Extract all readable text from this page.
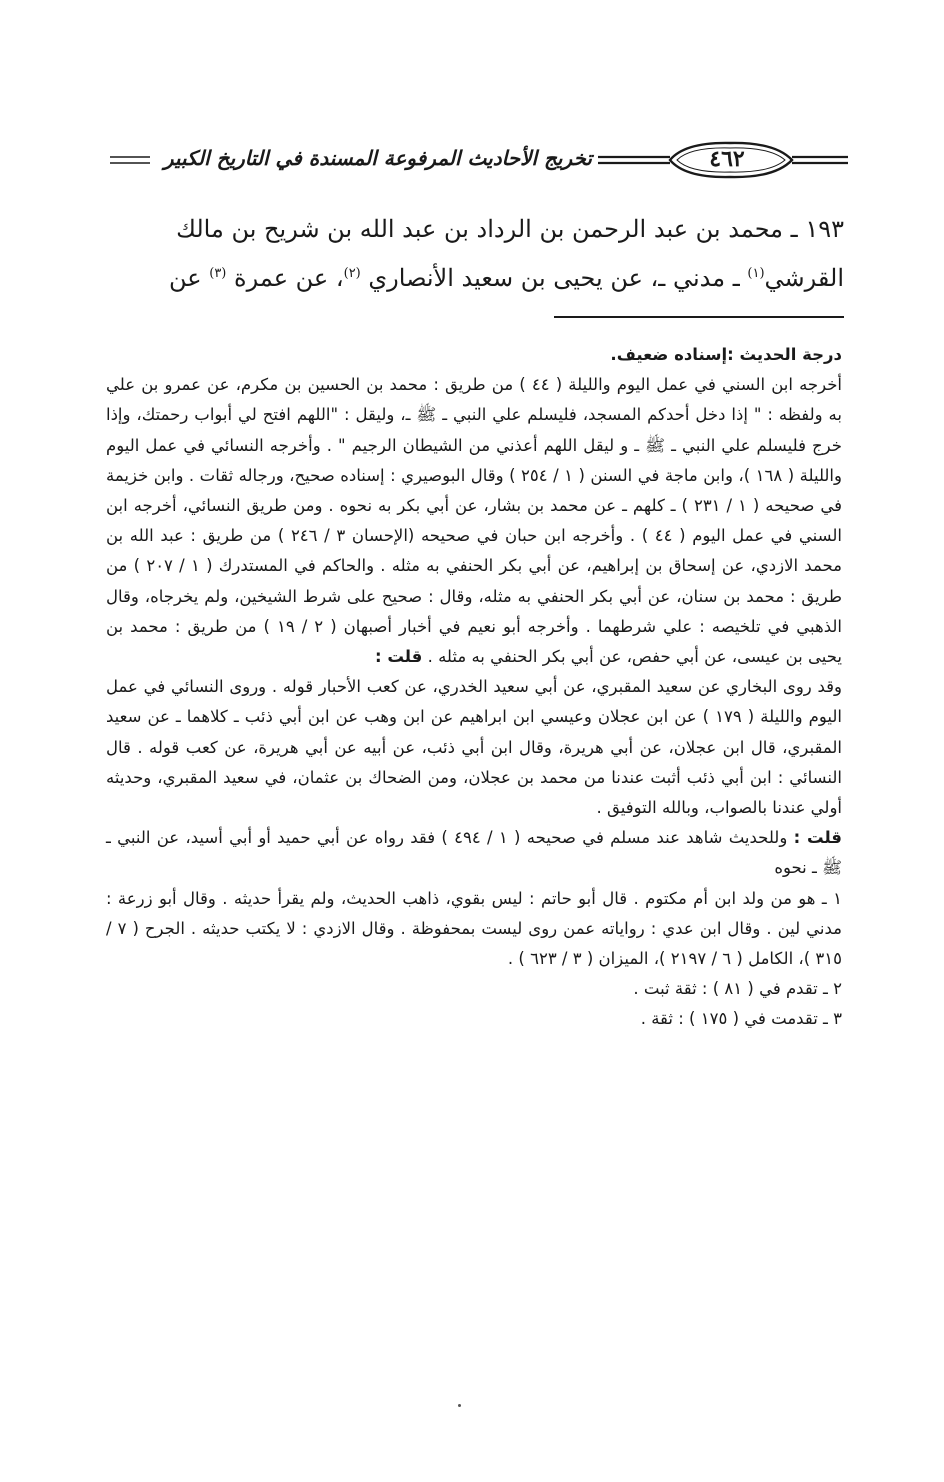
تخريج الأحاديث المرفوعة المسندة في التاريخ الكبير	٤٦٢

١٩٣ ـ محمد بن عبد الرحمن بن الرداد بن عبد الله بن شريح بن مالك

القرشي$^{(١)}$ ـ مدني ـ، عن يحيى بن سعيد الأنصاري $^{(٢)}$، عن عمرة $^{(٣)}$ عن

درجة الحديث :إسناده ضعيف.

أخرجه ابن السني في عمل اليوم والليلة ( ٤٤ ) من طريق : محمد بن الحسين بن مكرم، عن عمرو بن علي به ولفظه : " إذا دخل أحدكم المسجد، فليسلم علي النبي ـ ﷺ ـ، وليقل : "اللهم افتح لي أبواب رحمتك، وإذا خرج فليسلم علي النبي ـ ﷺ ـ و ليقل اللهم أعذني من الشيطان الرجيم " . وأخرجه النسائي في عمل اليوم والليلة ( ١٦٨ )، وابن ماجة في السنن ( ١ / ٢٥٤ ) وقال البوصيري : إسناده صحيح، ورجاله ثقات . وابن خزيمة في صحيحه ( ١ / ٢٣١ ) ـ كلهم ـ عن محمد بن بشار، عن أبي بكر به نحوه . ومن طريق النسائي، أخرجه ابن السني في عمل اليوم ( ٤٤ ) . وأخرجه ابن حبان في صحيحه (الإحسان ٣ / ٢٤٦ ) من طريق : عبد الله بن محمد الازدي، عن إسحاق بن إبراهيم، عن أبي بكر الحنفي به مثله . والحاكم في المستدرك ( ١ / ٢٠٧ ) من طريق : محمد بن سنان، عن أبي بكر الحنفي به مثله، وقال : صحيح على شرط الشيخين، ولم يخرجاه، وقال الذهبي في تلخيصه : علي شرطهما . وأخرجه أبو نعيم في أخبار أصبهان ( ٢ / ١٩ ) من طريق : محمد بن يحيى بن عيسى، عن أبي حفص، عن أبي بكر الحنفي به مثله . قلت :

وقد روى البخاري عن سعيد المقبري، عن أبي سعيد الخدري، عن كعب الأحبار قوله . وروى النسائي في عمل اليوم والليلة ( ١٧٩ ) عن ابن عجلان وعيسي ابن ابراهيم عن ابن وهب عن ابن أبي ذئب ـ كلاهما ـ عن سعيد المقبري، قال ابن عجلان، عن أبي هريرة، وقال ابن أبي ذئب، عن أبيه عن أبي هريرة، عن كعب قوله . قال النسائي : ابن أبي ذئب أثبت عندنا من محمد بن عجلان، ومن الضحاك بن عثمان، في سعيد المقبري، وحديثه أولي عندنا بالصواب، وبالله التوفيق .

قلت : وللحديث شاهد عند مسلم في صحيحه ( ١ / ٤٩٤ ) فقد رواه عن أبي حميد أو أبي أسيد، عن النبي ـ ﷺ ـ نحوه

١ ـ هو من ولد ابن أم مكتوم . قال أبو حاتم : ليس بقوي، ذاهب الحديث، ولم يقرأ حديثه . وقال أبو زرعة : مدني لين . وقال ابن عدي : رواياته عمن روى ليست بمحفوظة . وقال الازدي : لا يكتب حديثه . الجرح ( ٧ / ٣١٥ )، الكامل ( ٦ / ٢١٩٧ )، الميزان ( ٣ / ٦٢٣ ) .
٢ ـ تقدم في ( ٨١ ) : ثقة ثبت .
٣ ـ تقدمت في ( ١٧٥ ) : ثقة .
